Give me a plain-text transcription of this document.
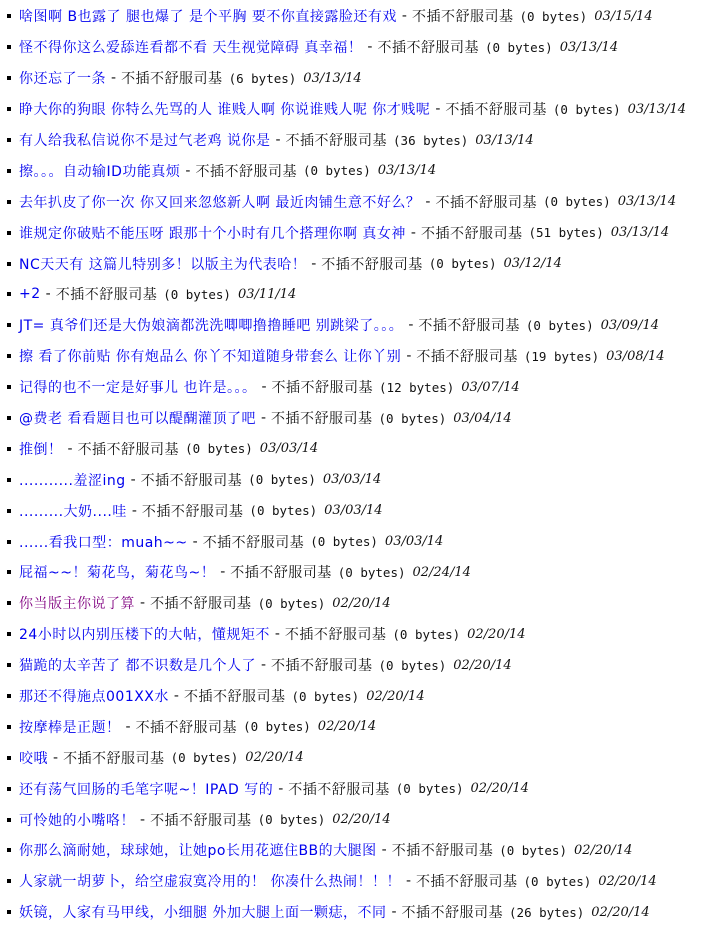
啥图啊 B也露了 腿也爆了 是个平胸 要不你直接露脸还有戏 - 不插不舒服司基 (0 bytes) 03/15/14
怪不得你这么爱舔连看都不看 天生视觉障碍 真幸福！ - 不插不舒服司基 (0 bytes) 03/13/14
你还忘了一条 - 不插不舒服司基 (6 bytes) 03/13/14
睁大你的狗眼 你特么先骂的人 谁贱人啊 你说谁贱人呢 你才贱呢 - 不插不舒服司基 (0 bytes) 03/13/14
有人给我私信说你不是过气老鸡 说你是 - 不插不舒服司基 (36 bytes) 03/13/14
擦。。。自动输ID功能真烦 - 不插不舒服司基 (0 bytes) 03/13/14
去年扒皮了你一次 你又回来忽悠新人啊 最近肉铺生意不好么？ - 不插不舒服司基 (0 bytes) 03/13/14
谁规定你破贴不能压呀 跟那十个小时有几个搭理你啊 真女神 - 不插不舒服司基 (51 bytes) 03/13/14
NC天天有 这篇儿特别多！以版主为代表哈！ - 不插不舒服司基 (0 bytes) 03/12/14
+2 - 不插不舒服司基 (0 bytes) 03/11/14
JT= 真爷们还是大伪娘滴都洗洗唧唧撸撸睡吧 别跳梁了。。。 - 不插不舒服司基 (0 bytes) 03/09/14
擦 看了你前贴 你有炮品么 你丫不知道随身带套么 让你丫别 - 不插不舒服司基 (19 bytes) 03/08/14
记得的也不一定是好事儿 也许是。。。 - 不插不舒服司基 (12 bytes) 03/07/14
@费老 看看题目也可以醍醐灌顶了吧 - 不插不舒服司基 (0 bytes) 03/04/14
推倒！ - 不插不舒服司基 (0 bytes) 03/03/14
...........羞涩ing - 不插不舒服司基 (0 bytes) 03/03/14
.........大奶....哇 - 不插不舒服司基 (0 bytes) 03/03/14
......看我口型：muah~~ - 不插不舒服司基 (0 bytes) 03/03/14
屁福~~！菊花鸟，菊花鸟~！ - 不插不舒服司基 (0 bytes) 02/24/14
你当版主你说了算 - 不插不舒服司基 (0 bytes) 02/20/14
24小时以内别压楼下的大帖，懂规矩不 - 不插不舒服司基 (0 bytes) 02/20/14
猫跪的太辛苦了 都不识数是几个人了 - 不插不舒服司基 (0 bytes) 02/20/14
那还不得施点001XX水 - 不插不舒服司基 (0 bytes) 02/20/14
按摩棒是正题！ - 不插不舒服司基 (0 bytes) 02/20/14
咬哦 - 不插不舒服司基 (0 bytes) 02/20/14
还有荡气回肠的毛笔字呢~！IPAD 写的 - 不插不舒服司基 (0 bytes) 02/20/14
可怜她的小嘴咯！ - 不插不舒服司基 (0 bytes) 02/20/14
你那么滴耐她，球球她，让她po长用花遮住BB的大腿图 - 不插不舒服司基 (0 bytes) 02/20/14
人家就一胡萝卜，给空虚寂寞冷用的！ 你凑什么热闹！！！ - 不插不舒服司基 (0 bytes) 02/20/14
妖镜，人家有马甲线，小细腿 外加大腿上面一颗痣，不同 - 不插不舒服司基 (26 bytes) 02/20/14
